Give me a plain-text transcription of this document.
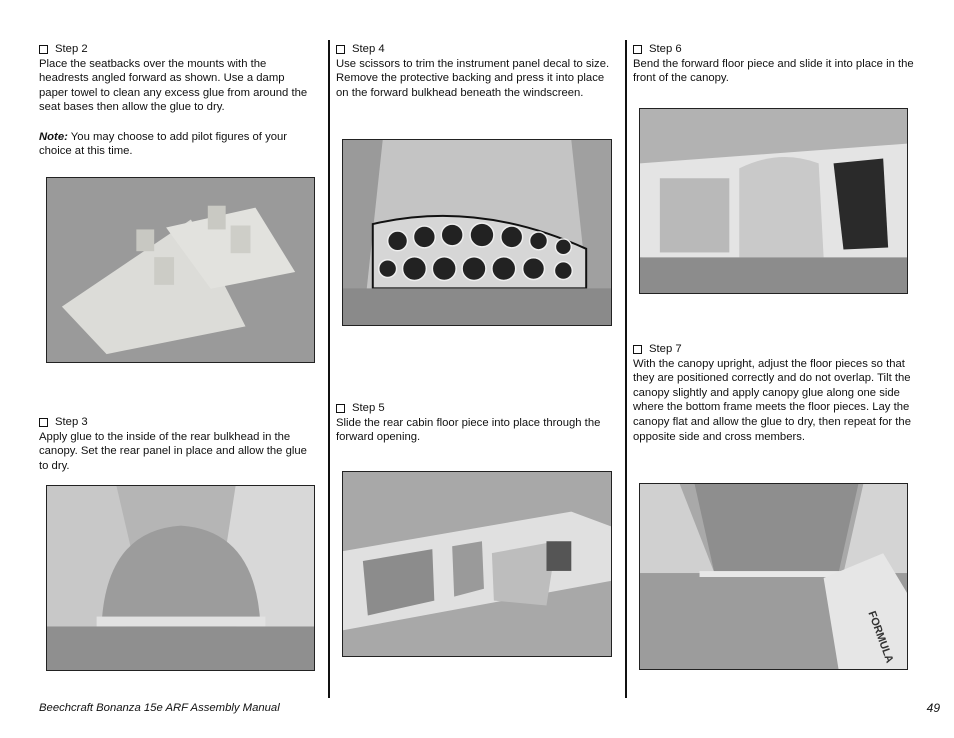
Step 2

Place the seatbacks over the mounts with the headrests angled forward as shown. Use a damp paper towel to clean any excess glue from around the seat bases then allow the glue to dry.

Note: You may choose to add pilot figures of your choice at this time.

Step 3

Apply glue to the inside of the rear bulkhead in the canopy. Set the rear panel in place and allow the glue to dry.

Step 4

Use scissors to trim the instrument panel decal to size. Remove the protective backing and press it into place on the forward bulkhead beneath the windscreen.

Step 5

Slide the rear cabin floor piece into place through the forward opening.

Step 6

Bend the forward floor piece and slide it into place in the front of the canopy.

Step 7

With the canopy upright, adjust the floor pieces so that they are positioned correctly and do not overlap. Tilt the canopy slightly and apply canopy glue along one side where the bottom frame meets the floor pieces. Lay the canopy flat and allow the glue to dry, then repeat for the opposite side and cross members.

FORMULA
Beechcraft Bonanza 15e ARF Assembly Manual	49
